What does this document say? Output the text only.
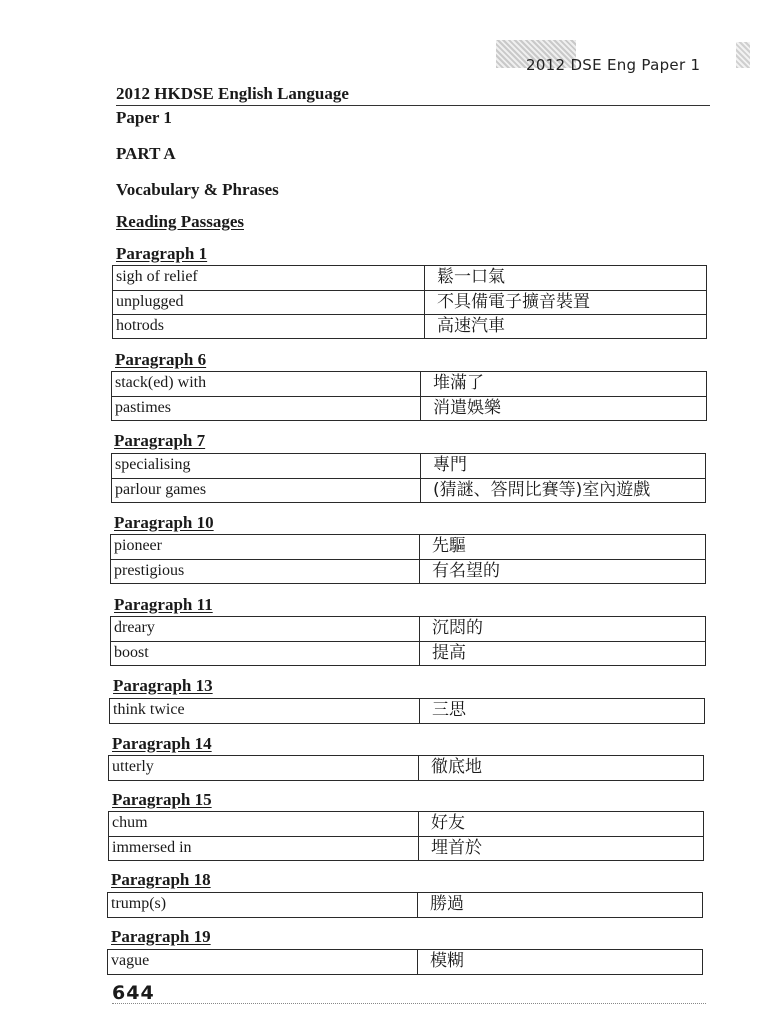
2012 DSE Eng Paper 1
2012 HKDSE English Language
Paper 1
PART A
Vocabulary & Phrases
Reading Passages
Paragraph 1
sigh of relief	鬆一口氣
unplugged	不具備電子擴音裝置
hotrods	高速汽車
Paragraph 6
stack(ed) with	堆滿了
pastimes	消遣娛樂
Paragraph 7
specialising	專門
parlour games	(猜謎、答問比賽等)室內遊戲
Paragraph 10
pioneer	先驅
prestigious	有名望的
Paragraph 11
dreary	沉悶的
boost	提高
Paragraph 13
think twice	三思
Paragraph 14
utterly	徹底地
Paragraph 15
chum	好友
immersed in	埋首於
Paragraph 18
trump(s)	勝過
Paragraph 19
vague	模糊
644
